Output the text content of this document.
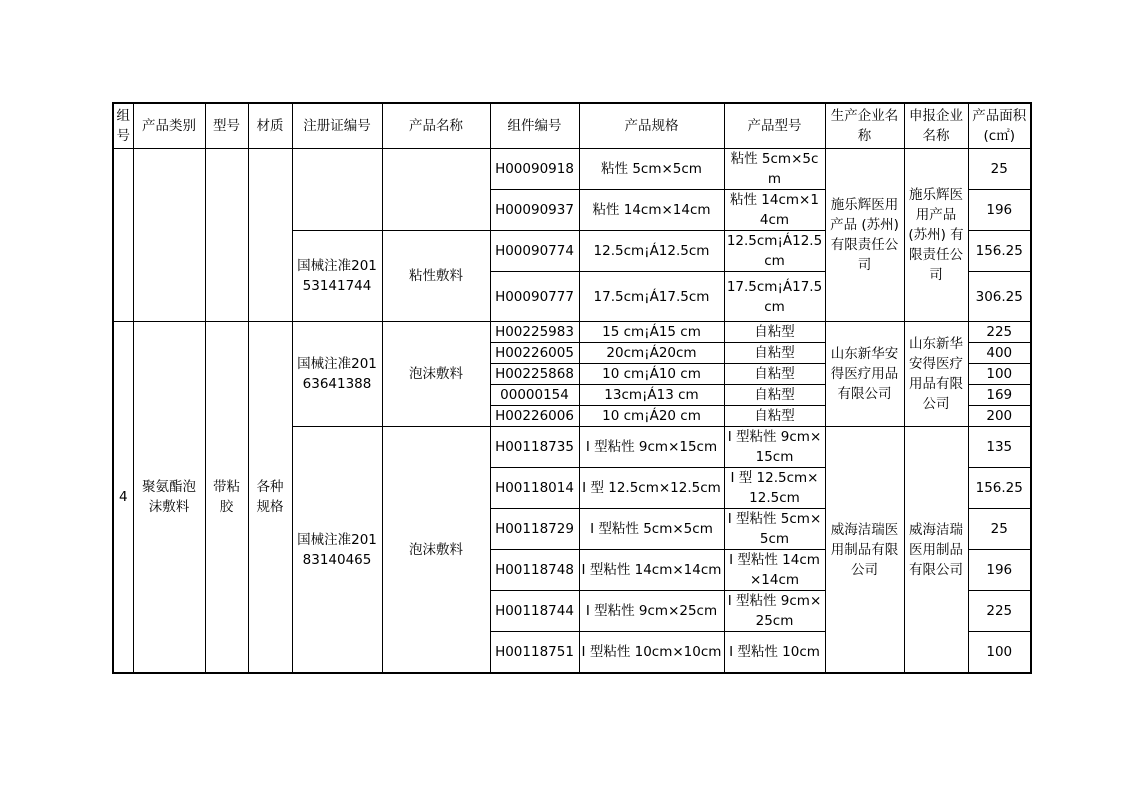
组号	产品类别	型号	材质	注册证编号	产品名称	组件编号	产品规格	产品型号	生产企业名称	申报企业名称	产品面积(c㎡)
						H00090918	粘性 5cm×5cm	粘性 5cm×5cm	施乐辉医用产品 (苏州) 有限责任公司	施乐辉医用产品 (苏州) 有限责任公司	25
						H00090937	粘性 14cm×14cm	粘性 14cm×14cm			196
				国械注准20153141744	粘性敷料	H00090774	12.5cm¡Á12.5cm	12.5cm¡Á12.5cm			156.25
						H00090777	17.5cm¡Á17.5cm	17.5cm¡Á17.5cm			306.25
4	聚氨酯泡沫敷料	带粘胶	各种规格	国械注准20163641388	泡沫敷料	H00225983	15 cm¡Á15 cm	自粘型	山东新华安得医疗用品有限公司	山东新华安得医疗用品有限公司	225
						H00226005	20cm¡Á20cm	自粘型			400
						H00225868	10 cm¡Á10 cm	自粘型			100
						00000154	13cm¡Á13 cm	自粘型			169
						H00226006	10 cm¡Á20 cm	自粘型			200
				国械注准20183140465	泡沫敷料	H00118735	I 型粘性 9cm×15cm	I 型粘性 9cm×15cm	威海洁瑞医用制品有限公司	威海洁瑞医用制品有限公司	135
						H00118014	I 型 12.5cm×12.5cm	I 型 12.5cm×12.5cm			156.25
						H00118729	I 型粘性 5cm×5cm	I 型粘性 5cm×5cm			25
						H00118748	I 型粘性 14cm×14cm	I 型粘性 14cm×14cm			196
						H00118744	I 型粘性 9cm×25cm	I 型粘性 9cm×25cm			225
						H00118751	I 型粘性 10cm×10cm	I 型粘性 10cm			100
